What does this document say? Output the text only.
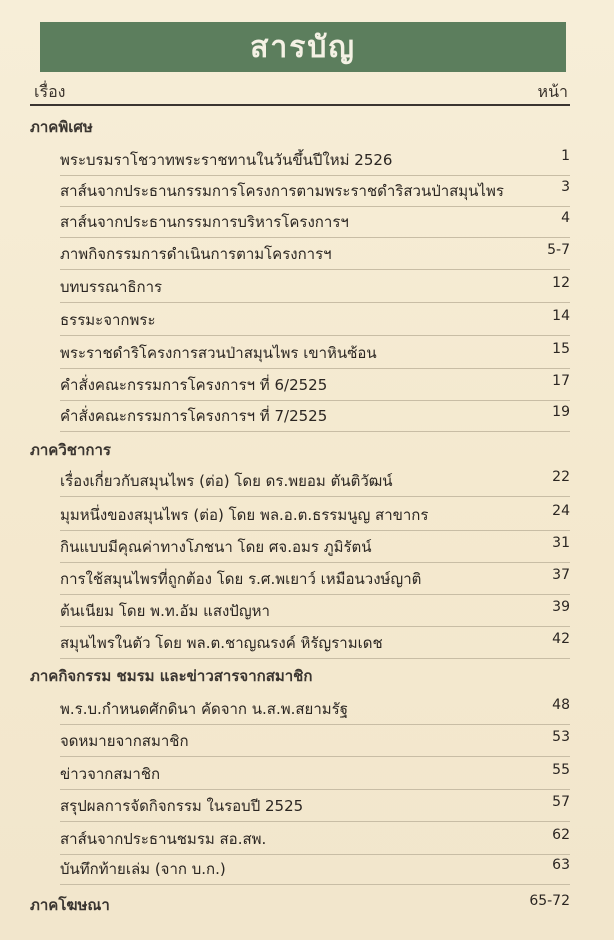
สารบัญ
เรื่อง	หน้า
ภาคพิเศษ
พระบรมราโชวาทพระราชทานในวันขึ้นปีใหม่ 2526	1
สาส์นจากประธานกรรมการโครงการตามพระราชดำริสวนป่าสมุนไพร	3
สาส์นจากประธานกรรมการบริหารโครงการฯ	4
ภาพกิจกรรมการดำเนินการตามโครงการฯ	5-7
บทบรรณาธิการ	12
ธรรมะจากพระ	14
พระราชดำริโครงการสวนป่าสมุนไพร เขาหินซ้อน	15
คำสั่งคณะกรรมการโครงการฯ ที่ 6/2525	17
คำสั่งคณะกรรมการโครงการฯ ที่ 7/2525	19
ภาควิชาการ
เรื่องเกี่ยวกับสมุนไพร (ต่อ) โดย ดร.พยอม ตันติวัฒน์	22
มุมหนึ่งของสมุนไพร (ต่อ) โดย พล.อ.ต.ธรรมนูญ สาขากร	24
กินแบบมีคุณค่าทางโภชนา โดย ศจ.อมร ภูมิรัตน์	31
การใช้สมุนไพรที่ถูกต้อง โดย ร.ศ.พเยาว์ เหมือนวงษ์ญาติ	37
ต้นเนียม โดย พ.ท.อัม แสงปัญหา	39
สมุนไพรในตัว โดย พล.ต.ชาญณรงค์ หิรัญรามเดช	42
ภาคกิจกรรม ชมรม และข่าวสารจากสมาชิก
พ.ร.บ.กำหนดศักดินา คัดจาก น.ส.พ.สยามรัฐ	48
จดหมายจากสมาชิก	53
ข่าวจากสมาชิก	55
สรุปผลการจัดกิจกรรม ในรอบปี 2525	57
สาส์นจากประธานชมรม สอ.สพ.	62
บันทึกท้ายเล่ม (จาก บ.ก.)	63
ภาคโฆษณา	65-72
